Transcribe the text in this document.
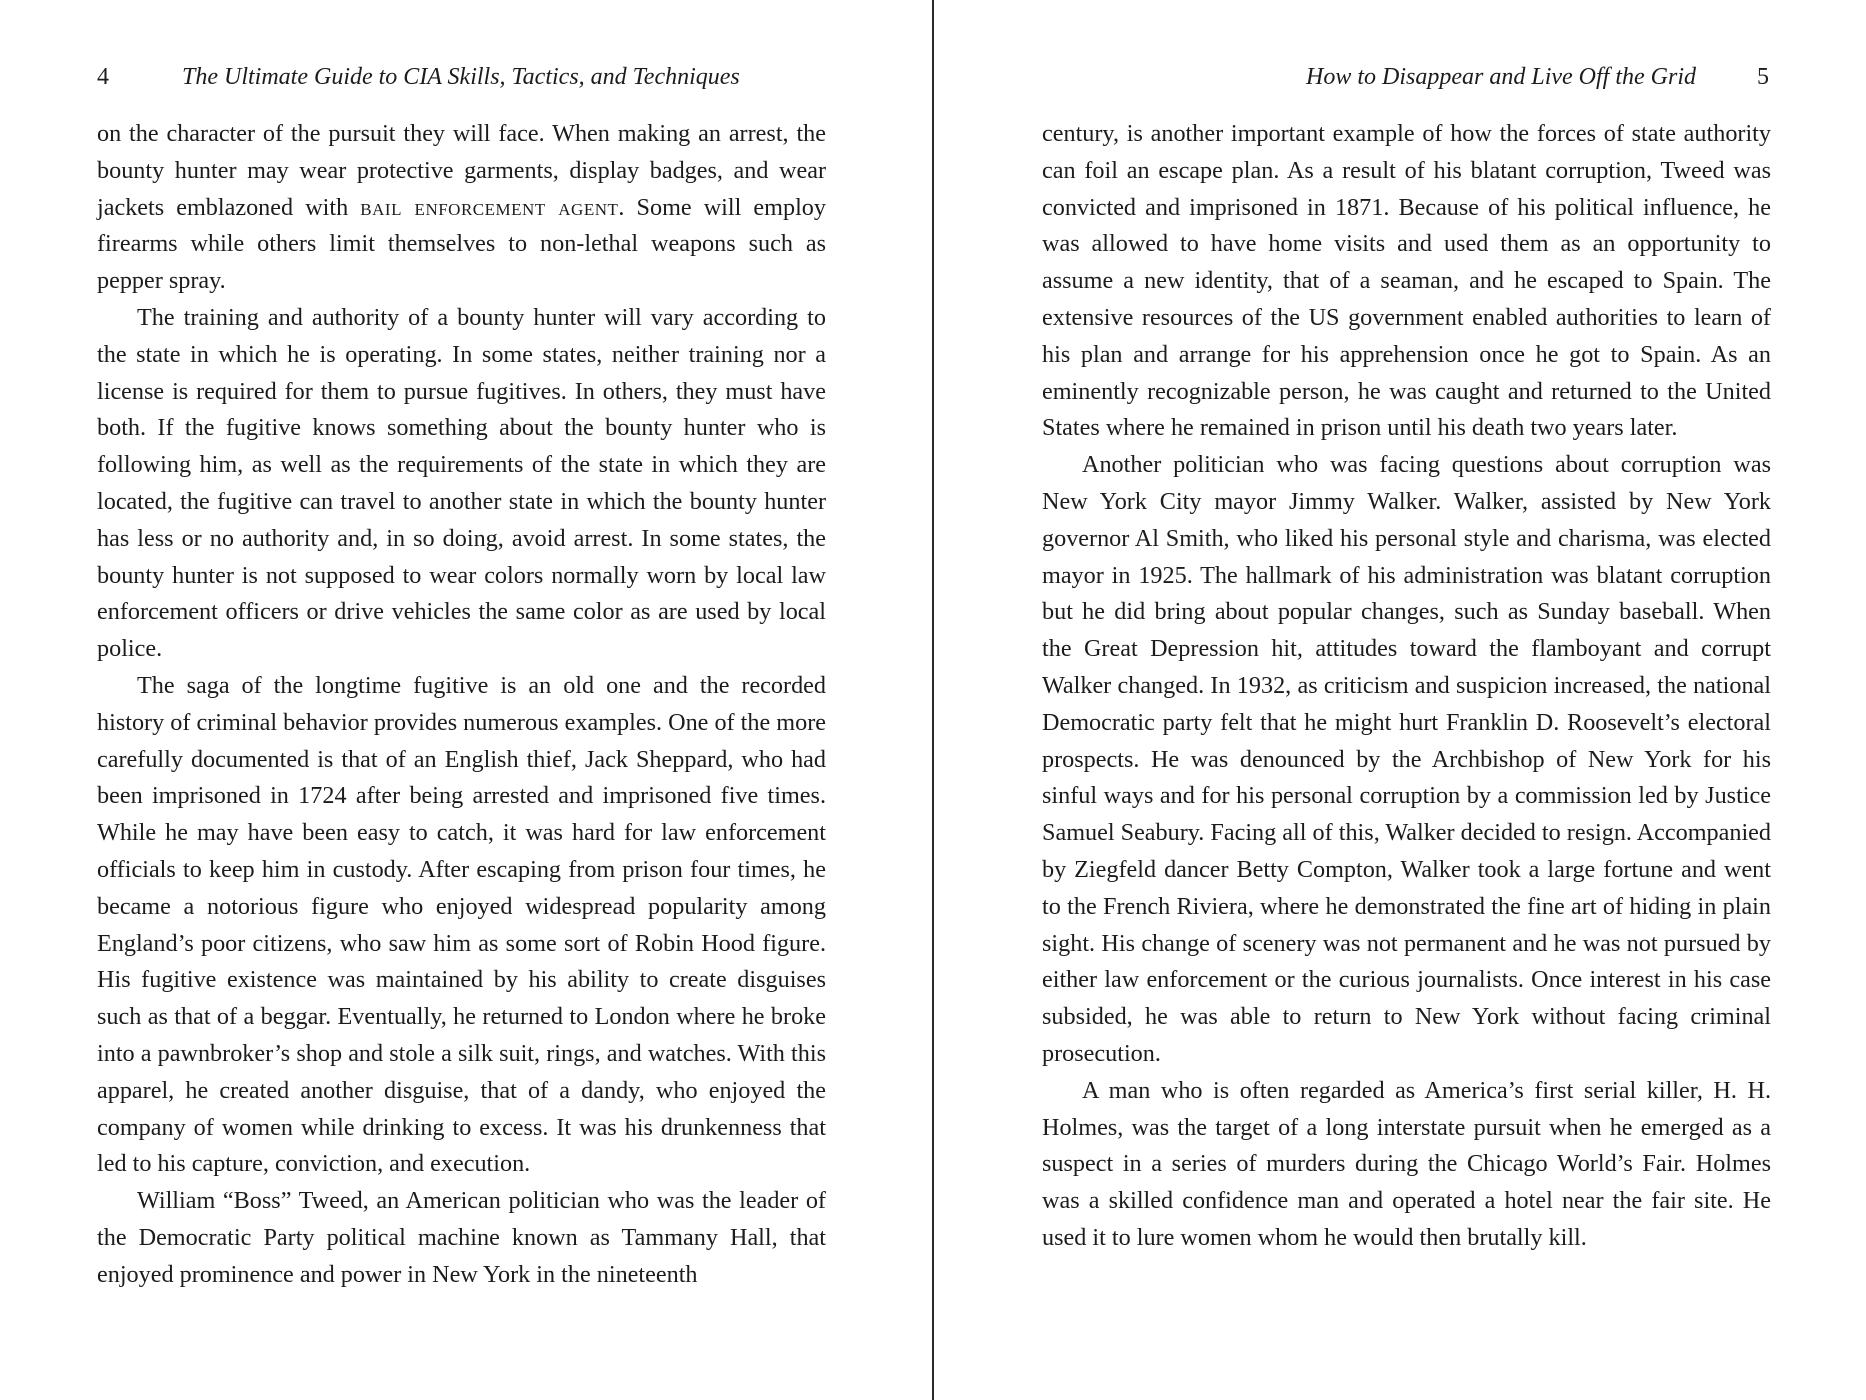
4	The Ultimate Guide to CIA Skills, Tactics, and Techniques

on the character of the pursuit they will face. When making an arrest, the bounty hunter may wear protective garments, display badges, and wear jackets emblazoned with bail enforcement agent. Some will employ firearms while others limit themselves to non-lethal weapons such as pepper spray.

The training and authority of a bounty hunter will vary according to the state in which he is operating. In some states, neither training nor a license is required for them to pursue fugitives. In others, they must have both. If the fugitive knows something about the bounty hunter who is following him, as well as the requirements of the state in which they are located, the fugitive can travel to another state in which the bounty hunter has less or no authority and, in so doing, avoid arrest. In some states, the bounty hunter is not supposed to wear colors normally worn by local law enforcement officers or drive vehicles the same color as are used by local police.

The saga of the longtime fugitive is an old one and the recorded history of criminal behavior provides numerous examples. One of the more carefully documented is that of an English thief, Jack Sheppard, who had been imprisoned in 1724 after being arrested and imprisoned five times. While he may have been easy to catch, it was hard for law enforcement officials to keep him in custody. After escaping from prison four times, he became a notorious figure who enjoyed widespread popularity among England’s poor citizens, who saw him as some sort of Robin Hood figure. His fugitive existence was maintained by his ability to create disguises such as that of a beggar. Eventually, he returned to London where he broke into a pawnbroker’s shop and stole a silk suit, rings, and watches. With this apparel, he created another disguise, that of a dandy, who enjoyed the company of women while drinking to excess. It was his drunkenness that led to his capture, conviction, and execution.

William “Boss” Tweed, an American politician who was the leader of the Democratic Party political machine known as Tammany Hall, that enjoyed prominence and power in New York in the nineteenth

How to Disappear and Live Off the Grid	5

century, is another important example of how the forces of state authority can foil an escape plan. As a result of his blatant corruption, Tweed was convicted and imprisoned in 1871. Because of his political influence, he was allowed to have home visits and used them as an opportunity to assume a new identity, that of a seaman, and he escaped to Spain. The extensive resources of the US government enabled authorities to learn of his plan and arrange for his apprehension once he got to Spain. As an eminently recognizable person, he was caught and returned to the United States where he remained in prison until his death two years later.

Another politician who was facing questions about corruption was New York City mayor Jimmy Walker. Walker, assisted by New York governor Al Smith, who liked his personal style and charisma, was elected mayor in 1925. The hallmark of his administration was blatant corruption but he did bring about popular changes, such as Sunday baseball. When the Great Depression hit, attitudes toward the flamboyant and corrupt Walker changed. In 1932, as criticism and suspicion increased, the national Democratic party felt that he might hurt Franklin D. Roosevelt’s electoral prospects. He was denounced by the Archbishop of New York for his sinful ways and for his personal corruption by a commission led by Justice Samuel Seabury. Facing all of this, Walker decided to resign. Accompanied by Ziegfeld dancer Betty Compton, Walker took a large fortune and went to the French Riviera, where he demonstrated the fine art of hiding in plain sight. His change of scenery was not permanent and he was not pursued by either law enforcement or the curious journalists. Once interest in his case subsided, he was able to return to New York without facing criminal prosecution.

A man who is often regarded as America’s first serial killer, H. H. Holmes, was the target of a long interstate pursuit when he emerged as a suspect in a series of murders during the Chicago World’s Fair. Holmes was a skilled confidence man and operated a hotel near the fair site. He used it to lure women whom he would then brutally kill.
